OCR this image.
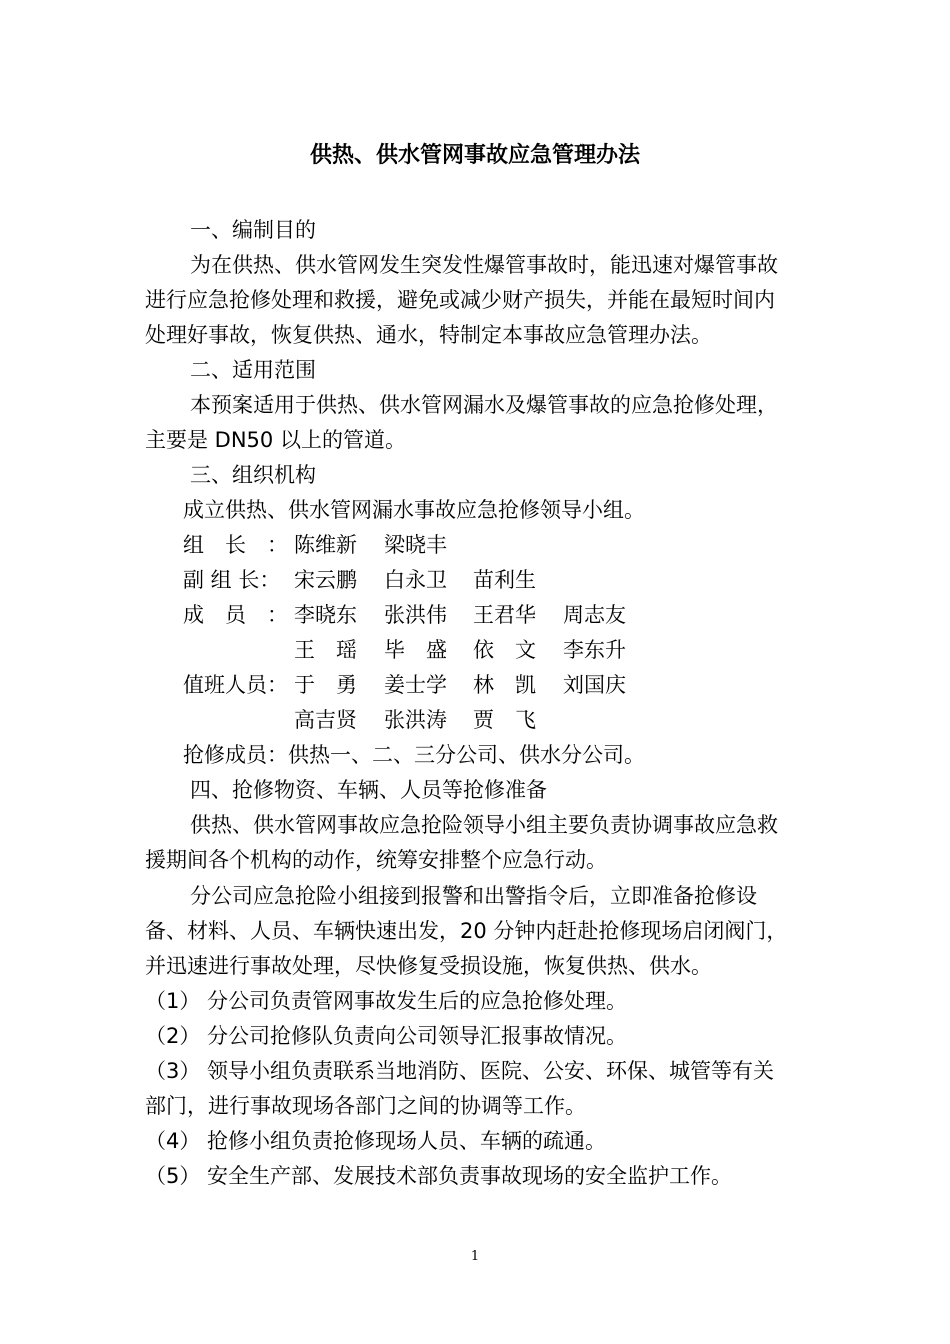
供热、供水管网事故应急管理办法
一、编制目的
为在供热、供水管网发生突发性爆管事故时，能迅速对爆管事故
进行应急抢修处理和救援，避免或减少财产损失，并能在最短时间内
处理好事故，恢复供热、通水，特制定本事故应急管理办法。
二、适用范围
本预案适用于供热、供水管网漏水及爆管事故的应急抢修处理，
主要是 DN50 以上的管道。
三、组织机构
成立供热、供水管网漏水事故应急抢修领导小组。
组　长　： 陈维新 梁晓丰
副 组 长： 宋云鹏 白永卫 苗利生
成　员　： 李晓东 张洪伟 王君华 周志友
王　瑶 毕　盛 依　文 李东升
值班人员： 于　勇 姜士学 林　凯 刘国庆
高吉贤 张洪涛 贾　飞
抢修成员：供热一、二、三分公司、供水分公司。
四、抢修物资、车辆、人员等抢修准备
供热、供水管网事故应急抢险领导小组主要负责协调事故应急救
援期间各个机构的动作，统筹安排整个应急行动。
分公司应急抢险小组接到报警和出警指令后，立即准备抢修设
备、材料、人员、车辆快速出发，20 分钟内赶赴抢修现场启闭阀门，
并迅速进行事故处理，尽快修复受损设施，恢复供热、供水。
（1） 分公司负责管网事故发生后的应急抢修处理。
（2） 分公司抢修队负责向公司领导汇报事故情况。
（3） 领导小组负责联系当地消防、医院、公安、环保、城管等有关
部门，进行事故现场各部门之间的协调等工作。
（4） 抢修小组负责抢修现场人员、车辆的疏通。
（5） 安全生产部、发展技术部负责事故现场的安全监护工作。
1
